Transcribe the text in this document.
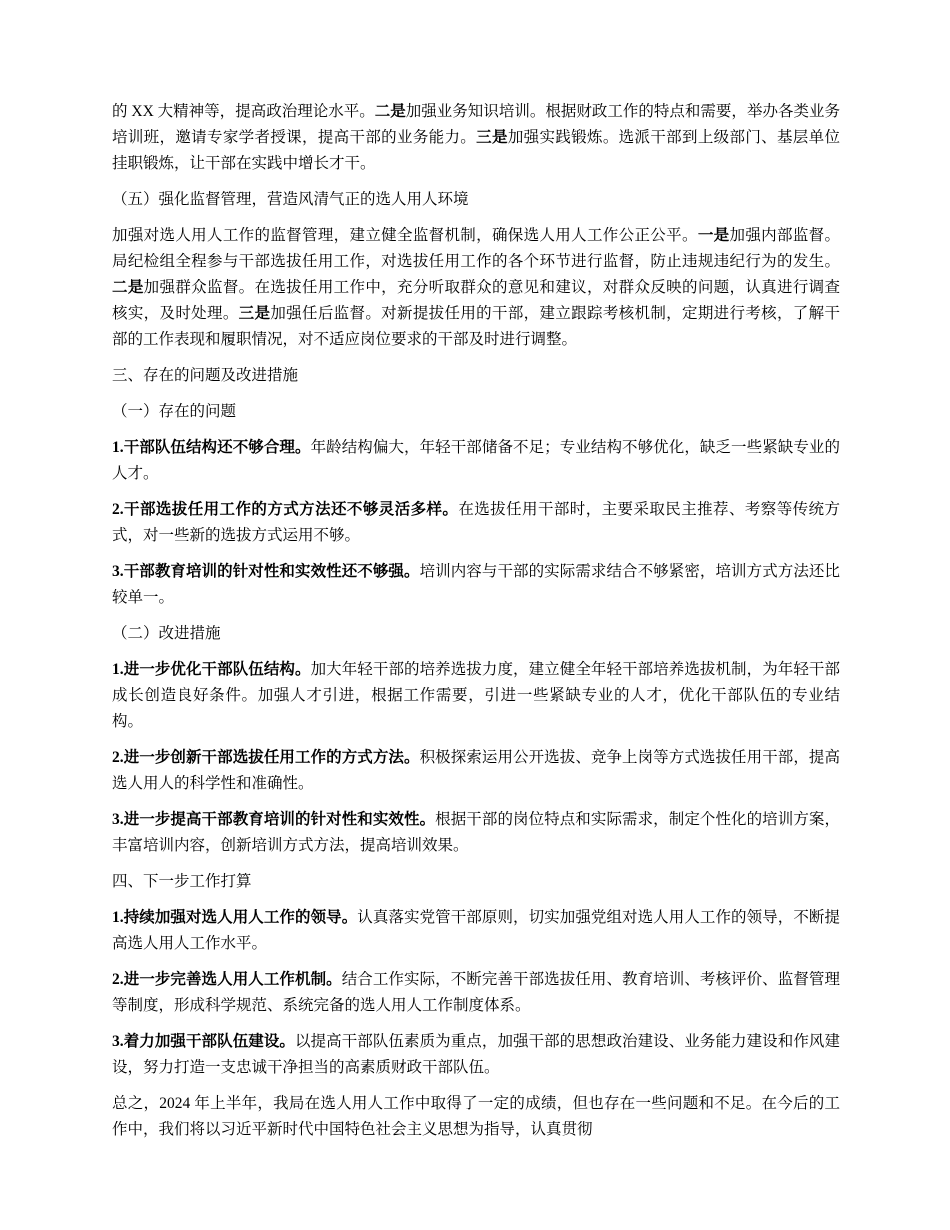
的 XX 大精神等，提高政治理论水平。二是加强业务知识培训。根据财政工作的特点和需要，举办各类业务培训班，邀请专家学者授课，提高干部的业务能力。三是加强实践锻炼。选派干部到上级部门、基层单位挂职锻炼，让干部在实践中增长才干。

（五）强化监督管理，营造风清气正的选人用人环境

加强对选人用人工作的监督管理，建立健全监督机制，确保选人用人工作公正公平。一是加强内部监督。局纪检组全程参与干部选拔任用工作，对选拔任用工作的各个环节进行监督，防止违规违纪行为的发生。二是加强群众监督。在选拔任用工作中，充分听取群众的意见和建议，对群众反映的问题，认真进行调查核实，及时处理。三是加强任后监督。对新提拔任用的干部，建立跟踪考核机制，定期进行考核，了解干部的工作表现和履职情况，对不适应岗位要求的干部及时进行调整。

三、存在的问题及改进措施

（一）存在的问题

1.干部队伍结构还不够合理。年龄结构偏大，年轻干部储备不足；专业结构不够优化，缺乏一些紧缺专业的人才。

2.干部选拔任用工作的方式方法还不够灵活多样。在选拔任用干部时，主要采取民主推荐、考察等传统方式，对一些新的选拔方式运用不够。

3.干部教育培训的针对性和实效性还不够强。培训内容与干部的实际需求结合不够紧密，培训方式方法还比较单一。

（二）改进措施

1.进一步优化干部队伍结构。加大年轻干部的培养选拔力度，建立健全年轻干部培养选拔机制，为年轻干部成长创造良好条件。加强人才引进，根据工作需要，引进一些紧缺专业的人才，优化干部队伍的专业结构。

2.进一步创新干部选拔任用工作的方式方法。积极探索运用公开选拔、竞争上岗等方式选拔任用干部，提高选人用人的科学性和准确性。

3.进一步提高干部教育培训的针对性和实效性。根据干部的岗位特点和实际需求，制定个性化的培训方案，丰富培训内容，创新培训方式方法，提高培训效果。

四、下一步工作打算

1.持续加强对选人用人工作的领导。认真落实党管干部原则，切实加强党组对选人用人工作的领导，不断提高选人用人工作水平。

2.进一步完善选人用人工作机制。结合工作实际，不断完善干部选拔任用、教育培训、考核评价、监督管理等制度，形成科学规范、系统完备的选人用人工作制度体系。

3.着力加强干部队伍建设。以提高干部队伍素质为重点，加强干部的思想政治建设、业务能力建设和作风建设，努力打造一支忠诚干净担当的高素质财政干部队伍。

总之，2024 年上半年，我局在选人用人工作中取得了一定的成绩，但也存在一些问题和不足。在今后的工作中，我们将以习近平新时代中国特色社会主义思想为指导，认真贯彻
